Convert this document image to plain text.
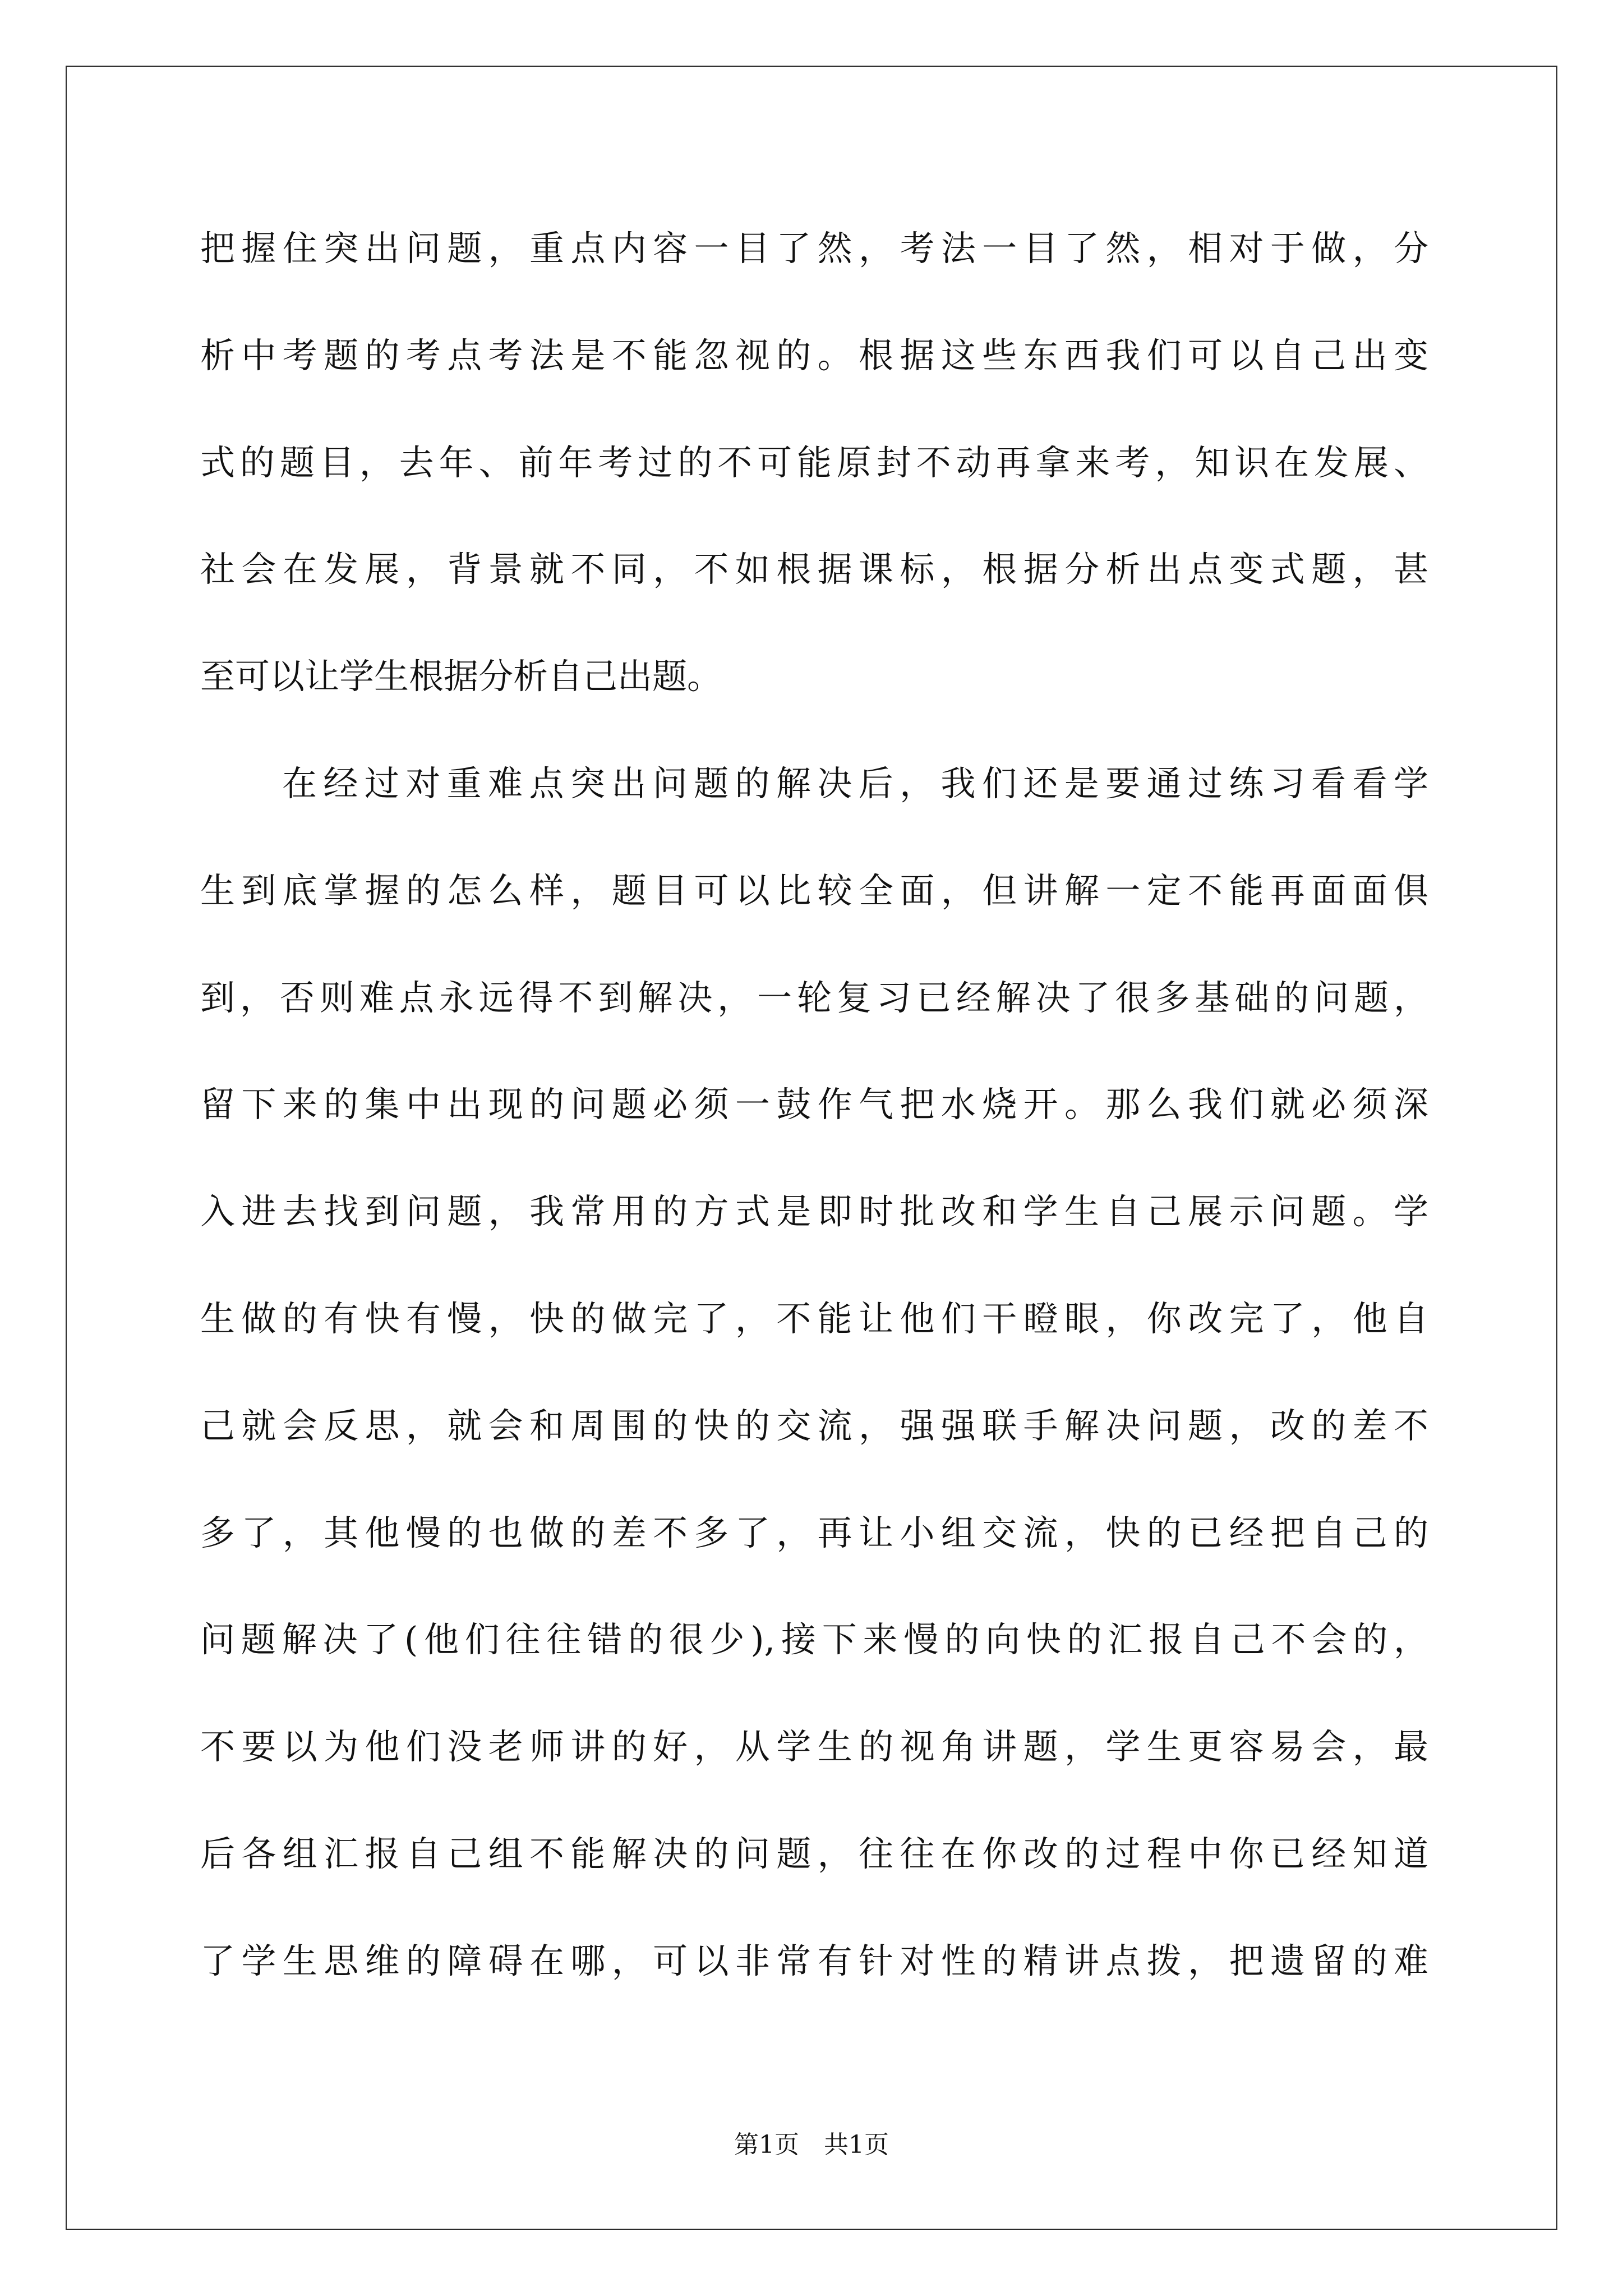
把握住突出问题，重点内容一目了然，考法一目了然，相对于做，分
析中考题的考点考法是不能忽视的。根据这些东西我们可以自己出变
式的题目，去年、前年考过的不可能原封不动再拿来考，知识在发展、
社会在发展，背景就不同，不如根据课标，根据分析出点变式题，甚
至可以让学生根据分析自己出题。
在经过对重难点突出问题的解决后，我们还是要通过练习看看学
生到底掌握的怎么样，题目可以比较全面，但讲解一定不能再面面俱
到，否则难点永远得不到解决，一轮复习已经解决了很多基础的问题，
留下来的集中出现的问题必须一鼓作气把水烧开。那么我们就必须深
入进去找到问题，我常用的方式是即时批改和学生自己展示问题。学
生做的有快有慢，快的做完了，不能让他们干瞪眼，你改完了，他自
己就会反思，就会和周围的快的交流，强强联手解决问题，改的差不
多了，其他慢的也做的差不多了，再让小组交流，快的已经把自己的
问题解决了(他们往往错的很少),接下来慢的向快的汇报自己不会的，
不要以为他们没老师讲的好，从学生的视角讲题，学生更容易会，最
后各组汇报自己组不能解决的问题，往往在你改的过程中你已经知道
了学生思维的障碍在哪，可以非常有针对性的精讲点拨，把遗留的难
第1页 共1页
